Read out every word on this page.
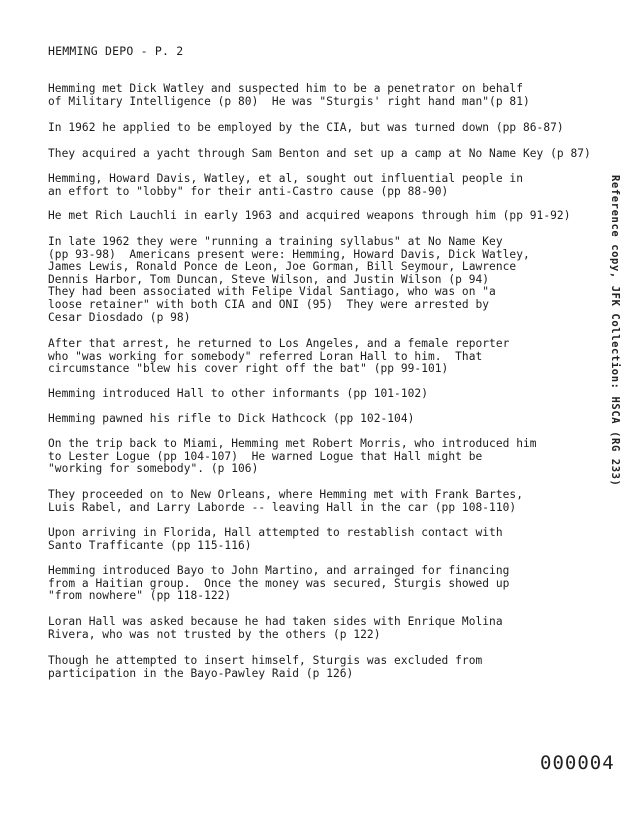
HEMMING DEPO - P. 2
Hemming met Dick Watley and suspected him to be a penetrator on behalf
of Military Intelligence (p 80)  He was "Sturgis' right hand man"(p 81)
In 1962 he applied to be employed by the CIA, but was turned down (pp 86-87)
They acquired a yacht through Sam Benton and set up a camp at No Name Key (p 87)
Hemming, Howard Davis, Watley, et al, sought out influential people in
an effort to "lobby" for their anti-Castro cause (pp 88-90)
He met Rich Lauchli in early 1963 and acquired weapons through him (pp 91-92)
In late 1962 they were "running a training syllabus" at No Name Key
(pp 93-98)  Americans present were: Hemming, Howard Davis, Dick Watley,
James Lewis, Ronald Ponce de Leon, Joe Gorman, Bill Seymour, Lawrence
Dennis Harbor, Tom Duncan, Steve Wilson, and Justin Wilson (p 94)
They had been associated with Felipe Vidal Santiago, who was on "a
loose retainer" with both CIA and ONI (95)  They were arrested by
Cesar Diosdado (p 98)
After that arrest, he returned to Los Angeles, and a female reporter
who "was working for somebody" referred Loran Hall to him.  That
circumstance "blew his cover right off the bat" (pp 99-101)
Hemming introduced Hall to other informants (pp 101-102)
Hemming pawned his rifle to Dick Hathcock (pp 102-104)
On the trip back to Miami, Hemming met Robert Morris, who introduced him
to Lester Logue (pp 104-107)  He warned Logue that Hall might be
"working for somebody". (p 106)
They proceeded on to New Orleans, where Hemming met with Frank Bartes,
Luis Rabel, and Larry Laborde -- leaving Hall in the car (pp 108-110)
Upon arriving in Florida, Hall attempted to restablish contact with
Santo Trafficante (pp 115-116)
Hemming introduced Bayo to John Martino, and arrainged for financing
from a Haitian group.  Once the money was secured, Sturgis showed up
"from nowhere" (pp 118-122)
Loran Hall was asked because he had taken sides with Enrique Molina
Rivera, who was not trusted by the others (p 122)
Though he attempted to insert himself, Sturgis was excluded from
participation in the Bayo-Pawley Raid (p 126)
Reference copy, JFK Collection: HSCA (RG 233)
000004
